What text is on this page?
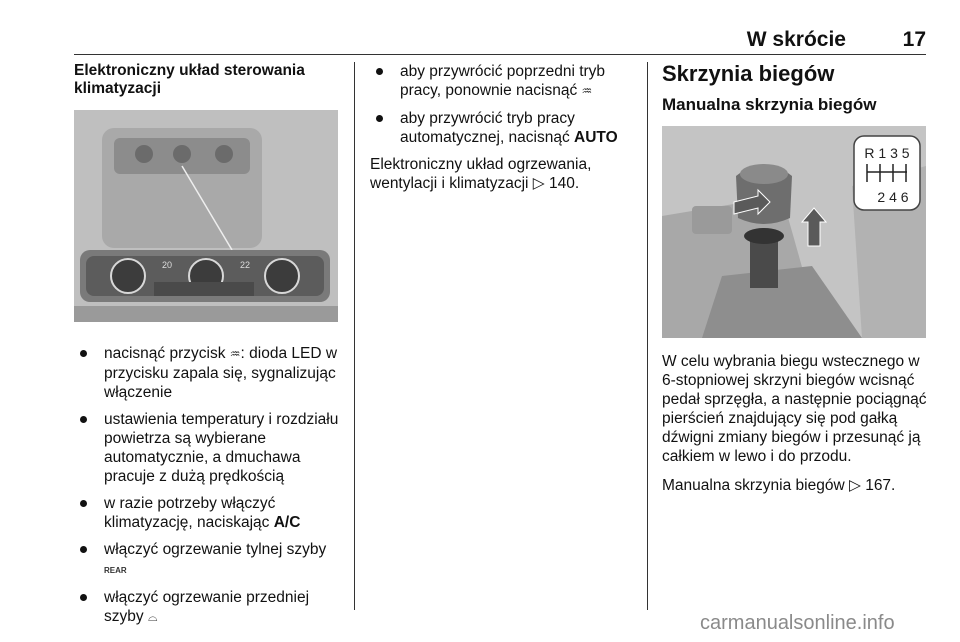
W skrócie	17
Elektroniczny układ sterowania klimatyzacji
20	22
nacisnąć przycisk ♒: dioda LED w przycisku zapala się, sygnalizując włączenie
ustawienia temperatury i rozdziału powietrza są wybierane automatycznie, a dmuchawa pracuje z dużą prędkością
w razie potrzeby włączyć klimatyzację, naciskając A/C
włączyć ogrzewanie tylnej szyby
REAR
włączyć ogrzewanie przedniej szyby ⌓
aby przywrócić poprzedni tryb pracy, ponownie nacisnąć ♒
aby przywrócić tryb pracy automatycznej, nacisnąć AUTO

Elektroniczny układ ogrzewania, wentylacji i klimatyzacji ▷ 140.

Skrzynia biegów
Manualna skrzynia biegów
R 1 3 5
2 4 6

W celu wybrania biegu wstecznego w 6-stopniowej skrzyni biegów wcisnąć pedał sprzęgła, a następnie pociągnąć pierścień znajdujący się pod gałką dźwigni zmiany biegów i przesunąć ją całkiem w lewo i do przodu.

Manualna skrzynia biegów ▷ 167.

carmanualsonline.info
